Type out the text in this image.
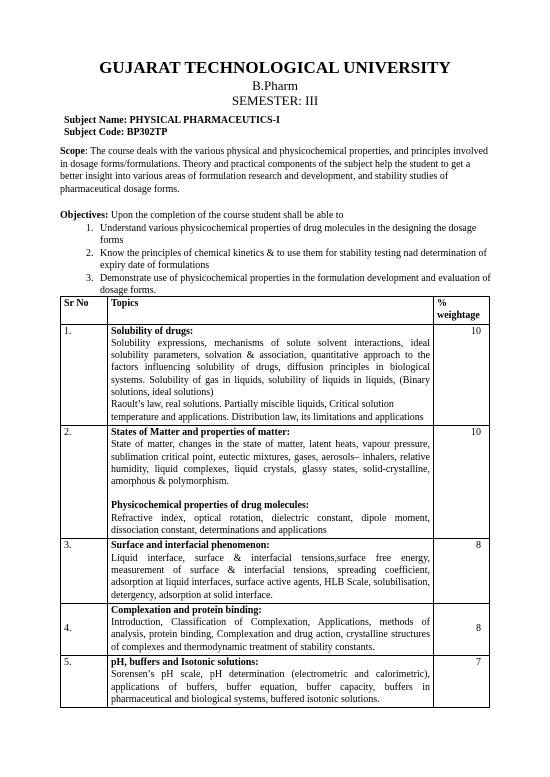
GUJARAT TECHNOLOGICAL UNIVERSITY
B.Pharm
SEMESTER: III
Subject Name: PHYSICAL PHARMACEUTICS-I
Subject Code: BP302TP
Scope: The course deals with the various physical and physicochemical properties, and principles involved in dosage forms/formulations. Theory and practical components of the subject help the student to get a better insight into various areas of formulation research and development, and stability studies of pharmaceutical dosage forms.
Objectives: Upon the completion of the course student shall be able to
1. Understand various physicochemical properties of drug molecules in the designing the dosage forms
2. Know the principles of chemical kinetics & to use them for stability testing nad determination of expiry date of formulations
3. Demonstrate use of physicochemical properties in the formulation development and evaluation of dosage forms.
Sr No	Topics	% weightage
1.	Solubility of drugs:
Solubility expressions, mechanisms of solute solvent interactions, ideal solubility parameters, solvation & association, quantitative approach to the factors influencing solubility of drugs, diffusion principles in biological systems. Solubility of gas in liquids, solubility of liquids in liquids, (Binary solutions, ideal solutions)

Raoult’s law, real solutions. Partially miscible liquids, Critical solution temperature and applications. Distribution law, its limitations and applications	10
2.	States of Matter and properties of matter:
State of matter, changes in the state of matter, latent heats, vapour pressure, sublimation critical point, eutectic mixtures, gases, aerosols– inhalers, relative humidity, liquid complexes, liquid crystals, glassy states, solid-crystalline, amorphous & polymorphism.
Physicochemical properties of drug molecules:
Refractive index, optical rotation, dielectric constant, dipole moment, dissociation constant, determinations and applications	10
3.	Surface and interfacial phenomenon:
Liquid interface, surface & interfacial tensions,surface free energy, measurement of surface & interfacial tensions, spreading coefficient, adsorption at liquid interfaces, surface active agents, HLB Scale, solubilisation, detergency, adsorption at solid interface.	8
4.	Complexation and protein binding:
Introduction, Classification of Complexation, Applications, methods of analysis, protein binding, Complexation and drug action, crystalline structures of complexes and thermodynamic treatment of stability constants.	8
5.	pH, buffers and Isotonic solutions:
Sorensen’s pH scale, pH determination (electrometric and calorimetric), applications of buffers, buffer equation, buffer capacity, buffers in pharmaceutical and biological systems, buffered isotonic solutions.	7
